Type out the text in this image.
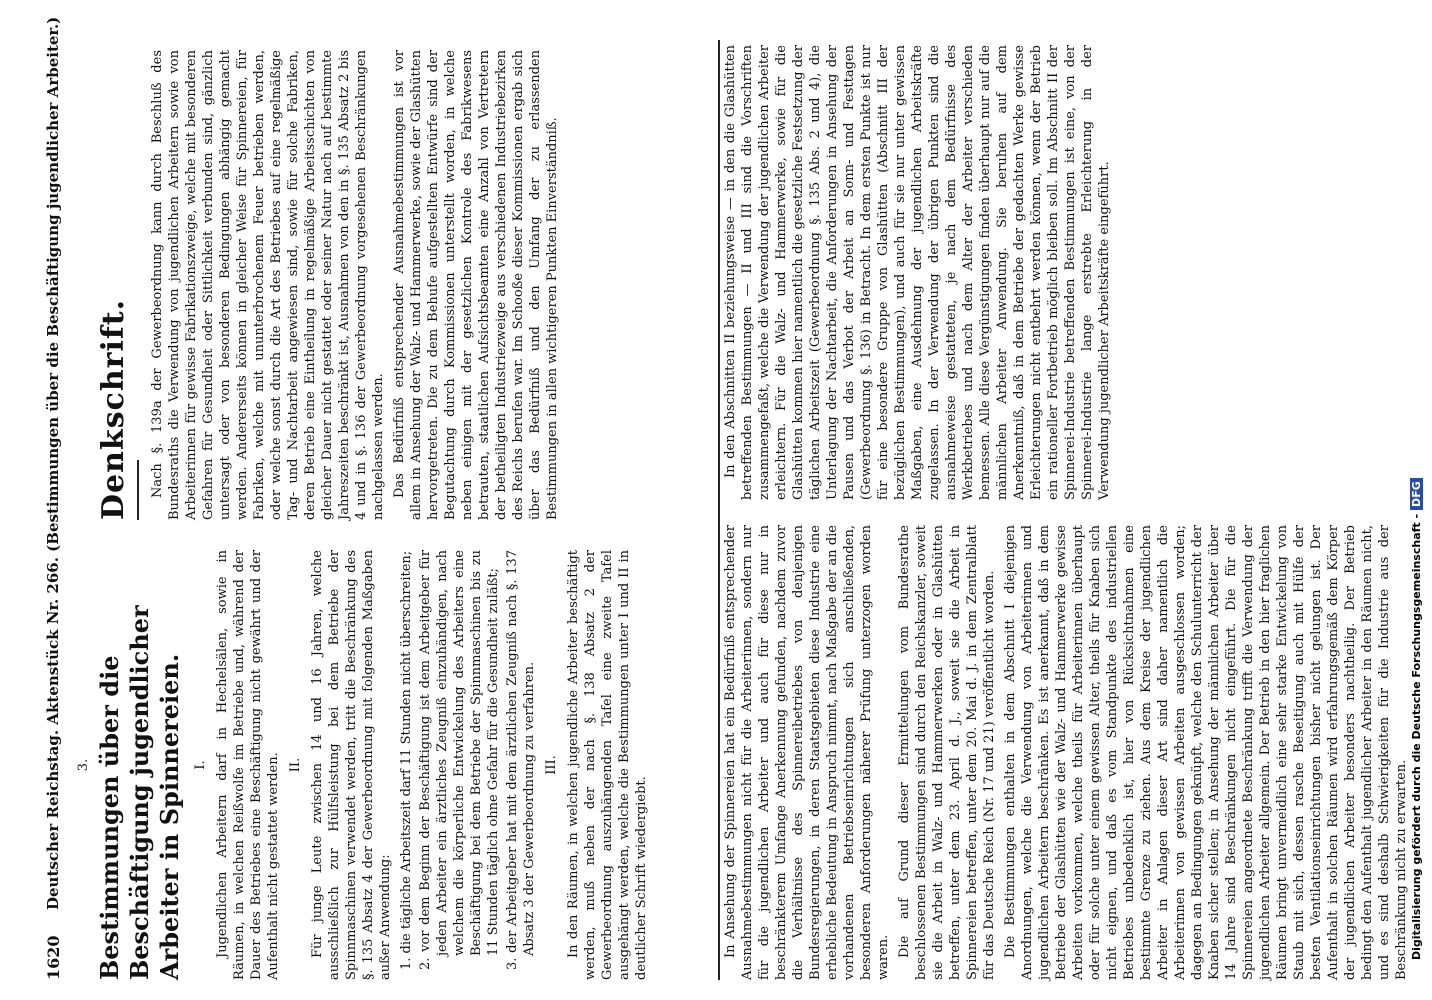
1620
Deutscher Reichstag. Aktenstück Nr. 266. (Bestimmungen über die Beschäftigung jugendlicher Arbeiter.) 3. Bestimmungen über die Beschäftigung jugendlicher Arbeiter in Spinnereien. I. Jugendlichen Arbeitern darf in Hechelsälen, sowie in Räumen, in welchen Reißwolfe im Betriebe und, während der Dauer des Betriebes eine Beschäftigung nicht gewährt und der Aufenthalt nicht gestattet werden. II. Für junge Leute zwischen 14 und 16 Jahren, welche ausschließlich zur Hülfsleistung bei dem Betriebe der Spinnmaschinen verwendet werden, tritt die Beschränkung des §. 135 Absatz 4 der Gewerbeordnung mit folgenden Maßgaben außer Anwendung: 1. die tägliche Arbeitszeit darf 11 Stunden nicht überschreiten; 2. vor dem Beginn der Beschäftigung ist dem Arbeitgeber für jeden Arbeiter ein ärztliches Zeugniß einzuhändigen, nach welchem die körperliche Entwickelung des Arbeiters eine Beschäftigung bei dem Betriebe der Spinnmaschinen bis zu 11 Stunden täglich ohne Gefahr für die Gesundheit zuläßt; 3. der Arbeitgeber hat mit dem ärztlichen Zeugniß nach §. 137 Absatz 3 der Gewerbeordnung zu verfahren. III. In den Räumen, in welchen jugendliche Arbeiter beschäftigt werden, muß neben der nach §. 138 Absatz 2 der Gewerbeordnung auszuhängenden Tafel eine zweite Tafel ausgehängt werden, welche die Bestimmungen unter I und II in deutlicher Schrift wiedergiebt.
Denkschrift. Nach §. 139a der Gewerbeordnung kann durch Beschluß des Bundesraths die Verwendung von jugendlichen Arbeitern sowie von Arbeiterinnen für gewisse Fabrikationszweige, welche mit besonderen Gefahren für Gesundheit oder Sittlichkeit verbunden sind, gänzlich untersagt oder von besonderen Bedingungen abhängig gemacht werden. Andererseits können in gleicher Weise für Spinnereien, für Fabriken, welche mit ununterbrochenem Feuer betrieben werden, oder welche sonst durch die Art des Betriebes auf eine regelmäßige Tag- und Nachtarbeit angewiesen sind, sowie für solche Fabriken, deren Betrieb eine Eintheilung in regelmäßige Arbeitsschichten von gleicher Dauer nicht gestattet oder seiner Natur nach auf bestimmte Jahreszeiten beschränkt ist, Ausnahmen von den in §. 135 Absatz 2 bis 4 und in §. 136 der Gewerbeordnung vorgesehenen Beschränkungen nachgelassen werden. Das Bedürfniß entsprechender Ausnahmebestimmungen ist vor allem in Ansehung der Walz- und Hammerwerke, sowie der Glashütten hervorgetreten. Die zu dem Behufe aufgestellten Entwürfe sind der Begutachtung durch Kommissionen unterstellt worden, in welche neben einigen mit der gesetzlichen Kontrole des Fabrikwesens betrauten, staatlichen Aufsichtsbeamten eine Anzahl von Vertretern der betheiligten Industriezweige aus verschiedenen Industriebezirken des Reichs berufen war. Im Schooße dieser Kommissionen ergab sich über das Bedürfniß und den Umfang der zu erlassenden Bestimmungen in allen wichtigeren Punkten Einverständniß.
In Ansehung der Spinnereien hat ein Bedürfniß entsprechender Ausnahmebestimmungen nicht für die Arbeiterinnen, sondern nur für die jugendlichen Arbeiter und auch für diese nur in beschränkterem Umfange Anerkennung gefunden, nachdem zuvor die Verhältnisse des Spinnereibetriebes von denjenigen Bundesregierungen, in deren Staatsgebieten diese Industrie eine erhebliche Bedeutung in Anspruch nimmt, nach Maßgabe der an die vorhandenen Betriebseinrichtungen sich anschließenden, besonderen Anforderungen näherer Prüfung unterzogen worden waren. Die auf Grund dieser Ermittelungen vom Bundesrathe beschlossenen Bestimmungen sind durch den Reichskanzler, soweit sie die Arbeit in Walz- und Hammerwerken oder in Glashütten betreffen, unter dem 23. April d. J., soweit sie die Arbeit in Spinnereien betreffen, unter dem 20. Mai d. J. in dem Zentralblatt für das Deutsche Reich (Nr. 17 und 21) veröffentlicht worden. Die Bestimmungen enthalten in dem Abschnitt I diejenigen Anordnungen, welche die Verwendung von Arbeiterinnen und jugendlichen Arbeitern beschränken. Es ist anerkannt, daß in dem Betriebe der Glashütten wie der Walz- und Hammerwerke gewisse Arbeiten vorkommen, welche theils für Arbeiterinnen überhaupt oder für solche unter einem gewissen Alter, theils für Knaben sich nicht eignen, und daß es vom Standpunkte des industriellen Betriebes unbedenklich ist, hier von Rücksichtnahmen eine bestimmte Grenze zu ziehen. Aus dem Kreise der jugendlichen Arbeiter in Anlagen dieser Art sind daher namentlich die Arbeiterinnen von gewissen Arbeiten ausgeschlossen worden; dagegen an Bedingungen geknüpft, welche den Schulunterricht der Knaben sicher stellen; in Ansehung der männlichen Arbeiter über 14 Jahre sind Beschränkungen nicht eingeführt. Die für die Spinnereien angeordnete Beschränkung trifft die Verwendung der jugendlichen Arbeiter allgemein. Der Betrieb in den hier fraglichen Räumen bringt unvermeidlich eine sehr starke Entwickelung von Staub mit sich, dessen rasche Beseitigung auch mit Hülfe der besten Ventilationseinrichtungen bisher nicht gelungen ist. Der Aufenthalt in solchen Räumen wird erfahrungsgemäß dem Körper der jugendlichen Arbeiter besonders nachtheilig. Der Betrieb bedingt den Aufenthalt jugendlicher Arbeiter in den Räumen nicht, und es sind deshalb Schwierigkeiten für die Industrie aus der Beschränkung nicht zu erwarten.
In den Abschnitten II beziehungsweise — in den die Glashütten betreffenden Bestimmungen — II und III sind die Vorschriften zusammengefaßt, welche die Verwendung der jugendlichen Arbeiter erleichtern. Für die Walz- und Hammerwerke, sowie für die Glashütten kommen hier namentlich die gesetzliche Festsetzung der täglichen Arbeitszeit (Gewerbeordnung §. 135 Abs. 2 und 4), die Unterlagung der Nachtarbeit, die Anforderungen in Ansehung der Pausen und das Verbot der Arbeit an Sonn- und Festtagen (Gewerbeordnung §. 136) in Betracht. In dem ersten Punkte ist nur für eine besondere Gruppe von Glashütten (Abschnitt III der bezüglichen Bestimmungen), und auch für sie nur unter gewissen Maßgaben, eine Ausdehnung der jugendlichen Arbeitskräfte zugelassen. In der Verwendung der übrigen Punkten sind die ausnahmeweise gestatteten, je nach dem Bedürfnisse des Werkbetriebes und nach dem Alter der Arbeiter verschieden bemessen. Alle diese Vergünstigungen finden überhaupt nur auf die männlichen Arbeiter Anwendung. Sie beruhen auf dem Anerkenntniß, daß in dem Betriebe der gedachten Werke gewisse Erleichterungen nicht entbehrt werden können, wenn der Betrieb ein rationeller Fortbetrieb möglich bleiben soll. Im Abschnitt II der Spinnerei-Industrie betreffenden Bestimmungen ist eine, von der Spinnerei-Industrie lange erstrebte Erleichterung in der Verwendung jugendlicher Arbeitskräfte eingeführt.
Digitalisierung gefördert durch die Deutsche Forschungsgemeinschaft -DFG
